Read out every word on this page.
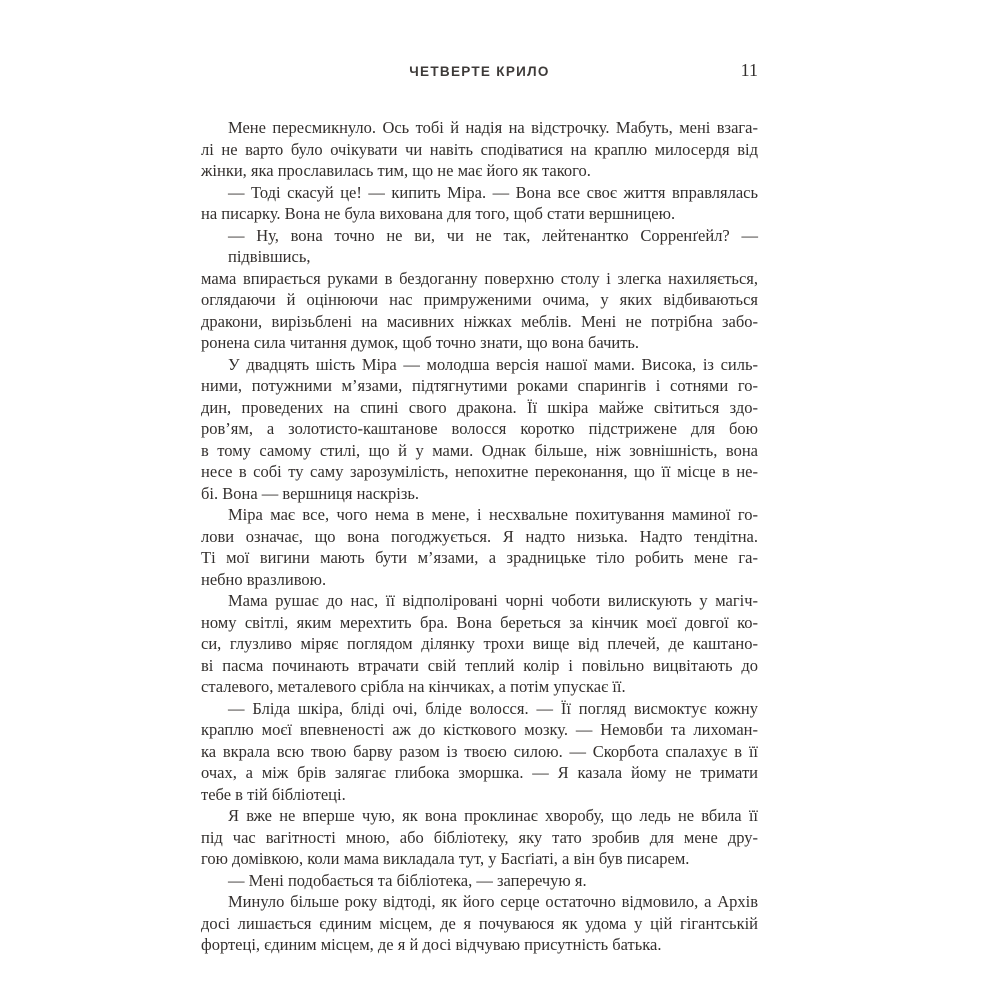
ЧЕТВЕРТЕ КРИЛО	11
Мене пересмикнуло. Ось тобі й надія на відстрочку. Мабуть, мені взага-
лі не варто було очікувати чи навіть сподіватися на краплю милосердя від
жінки, яка прославилась тим, що не має його як такого.
— Тоді скасуй це! — кипить Міра. — Вона все своє життя вправлялась
на писарку. Вона не була вихована для того, щоб стати вершницею.
— Ну, вона точно не ви, чи не так, лейтенантко Сорренґейл? — підвівшись,
мама впирається руками в бездоганну поверхню столу і злегка нахиляється,
оглядаючи й оцінюючи нас примруженими очима, у яких відбиваються
дракони, вирізьблені на масивних ніжках меблів. Мені не потрібна забо-
ронена сила читання думок, щоб точно знати, що вона бачить.
У двадцять шість Міра — молодша версія нашої мами. Висока, із силь-
ними, потужними м’язами, підтягнутими роками спарингів і сотнями го-
дин, проведених на спині свого дракона. Її шкіра майже світиться здо-
ров’ям, а золотисто-каштанове волосся коротко підстрижене для бою
в тому самому стилі, що й у мами. Однак більше, ніж зовнішність, вона
несе в собі ту саму зарозумілість, непохитне переконання, що її місце в не-
бі. Вона — вершниця наскрізь.
Міра має все, чого нема в мене, і несхвальне похитування маминої го-
лови означає, що вона погоджується. Я надто низька. Надто тендітна.
Ті мої вигини мають бути м’язами, а зрадницьке тіло робить мене га-
небно вразливою.
Мама рушає до нас, її відполіровані чорні чоботи вилискують у магіч-
ному світлі, яким мерехтить бра. Вона береться за кінчик моєї довгої ко-
си, глузливо міряє поглядом ділянку трохи вище від плечей, де каштано-
ві пасма починають втрачати свій теплий колір і повільно вицвітають до
сталевого, металевого срібла на кінчиках, а потім упускає її.
— Бліда шкіра, бліді очі, бліде волосся. — Її погляд висмоктує кожну
краплю моєї впевненості аж до кісткового мозку. — Немовби та лихоман-
ка вкрала всю твою барву разом із твоєю силою. — Скорбота спалахує в її
очах, а між брів залягає глибока зморшка. — Я казала йому не тримати
тебе в тій бібліотеці.
Я вже не вперше чую, як вона проклинає хворобу, що ледь не вбила її
під час вагітності мною, або бібліотеку, яку тато зробив для мене дру-
гою домівкою, коли мама викладала тут, у Басґіаті, а він був писарем.
— Мені подобається та бібліотека, — заперечую я.
Минуло більше року відтоді, як його серце остаточно відмовило, а Архів
досі лишається єдиним місцем, де я почуваюся як удома у цій гігантській
фортеці, єдиним місцем, де я й досі відчуваю присутність батька.
